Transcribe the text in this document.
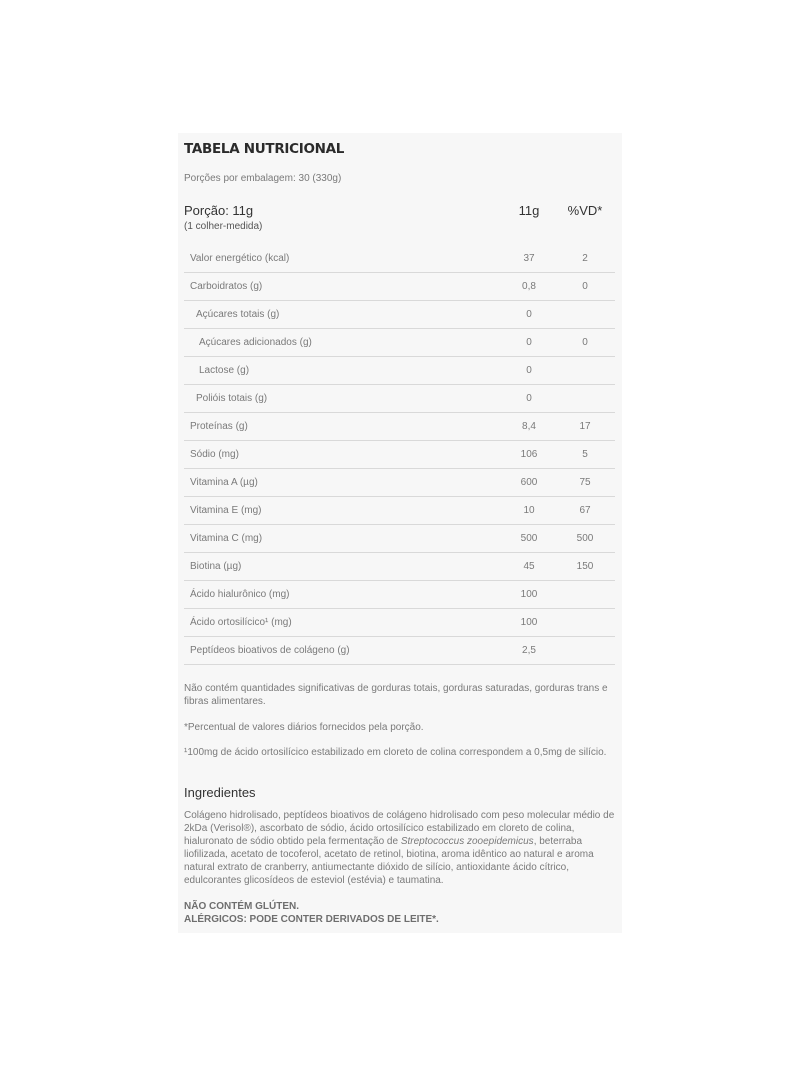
TABELA NUTRICIONAL
Porções por embalagem: 30 (330g)
Porção: 11g
(1 colher-medida)
11g	%VD*
Valor energético (kcal)	37	2
Carboidratos (g)	0,8	0
Açúcares totais (g)	0
Açúcares adicionados (g)	0	0
Lactose (g)	0
Polióis totais (g)	0
Proteínas (g)	8,4	17
Sódio (mg)	106	5
Vitamina A (µg)	600	75
Vitamina E (mg)	10	67
Vitamina C (mg)	500	500
Biotina (µg)	45	150
Ácido hialurônico (mg)	100
Ácido ortosilícico¹ (mg)	100
Peptídeos bioativos de colágeno (g)	2,5
Não contém quantidades significativas de gorduras totais, gorduras saturadas, gorduras trans e fibras alimentares.
*Percentual de valores diários fornecidos pela porção.
¹100mg de ácido ortosilícico estabilizado em cloreto de colina correspondem a 0,5mg de silício.
Ingredientes
Colágeno hidrolisado, peptídeos bioativos de colágeno hidrolisado com peso molecular médio de 2kDa (Verisol®), ascorbato de sódio, ácido ortosilícico estabilizado em cloreto de colina, hialuronato de sódio obtido pela fermentação de Streptococcus zooepidemicus, beterraba liofilizada, acetato de tocoferol, acetato de retinol, biotina, aroma idêntico ao natural e aroma natural extrato de cranberry, antiumectante dióxido de silício, antioxidante ácido cítrico, edulcorantes glicosídeos de esteviol (estévia) e taumatina.
NÃO CONTÉM GLÚTEN.
ALÉRGICOS: PODE CONTER DERIVADOS DE LEITE*.
